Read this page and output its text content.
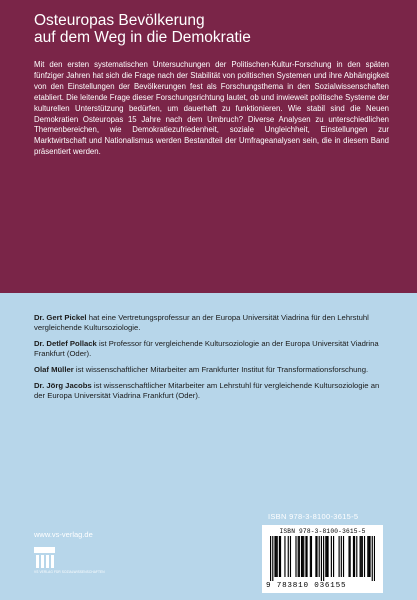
Osteuropas Bevölkerung
auf dem Weg in die Demokratie
Mit den ersten systematischen Untersuchungen der Politischen-Kultur-Forschung in den späten fünfziger Jahren hat sich die Frage nach der Stabilität von politischen Systemen und ihre Abhängigkeit von den Einstellungen der Bevölkerungen fest als Forschungsthema in den Sozialwissenschaften etabliert. Die leitende Frage dieser Forschungsrichtung lautet, ob und inwieweit politische Systeme der kulturellen Unterstützung bedürfen, um dauerhaft zu funktionieren. Wie stabil sind die Neuen Demokratien Osteuropas 15 Jahre nach dem Umbruch? Diverse Analysen zu unterschiedlichen Themenbereichen, wie Demokratiezufriedenheit, soziale Ungleichheit, Einstellungen zur Marktwirtschaft und Nationalismus werden Bestandteil der Umfrageanalysen sein, die in diesem Band präsentiert werden.

Dr. Gert Pickel hat eine Vertretungsprofessur an der Europa Universität Viadrina für den Lehrstuhl vergleichende Kultursoziologie.

Dr. Detlef Pollack ist Professor für vergleichende Kultursoziologie an der Europa Universität Viadrina Frankfurt (Oder).

Olaf Müller ist wissenschaftlicher Mitarbeiter am Frankfurter Institut für Transformationsforschung.

Dr. Jörg Jacobs ist wissenschaftlicher Mitarbeiter am Lehrstuhl für vergleichende Kultursoziologie an der Europa Universität Viadrina Frankfurt (Oder).

www.vs-verlag.de
VS VERLAG FÜR SOZIALWISSENSCHAFTEN
ISBN 978-3-8100-3615-5
ISBN 978-3-8100-3615-5
9 783810 036155
